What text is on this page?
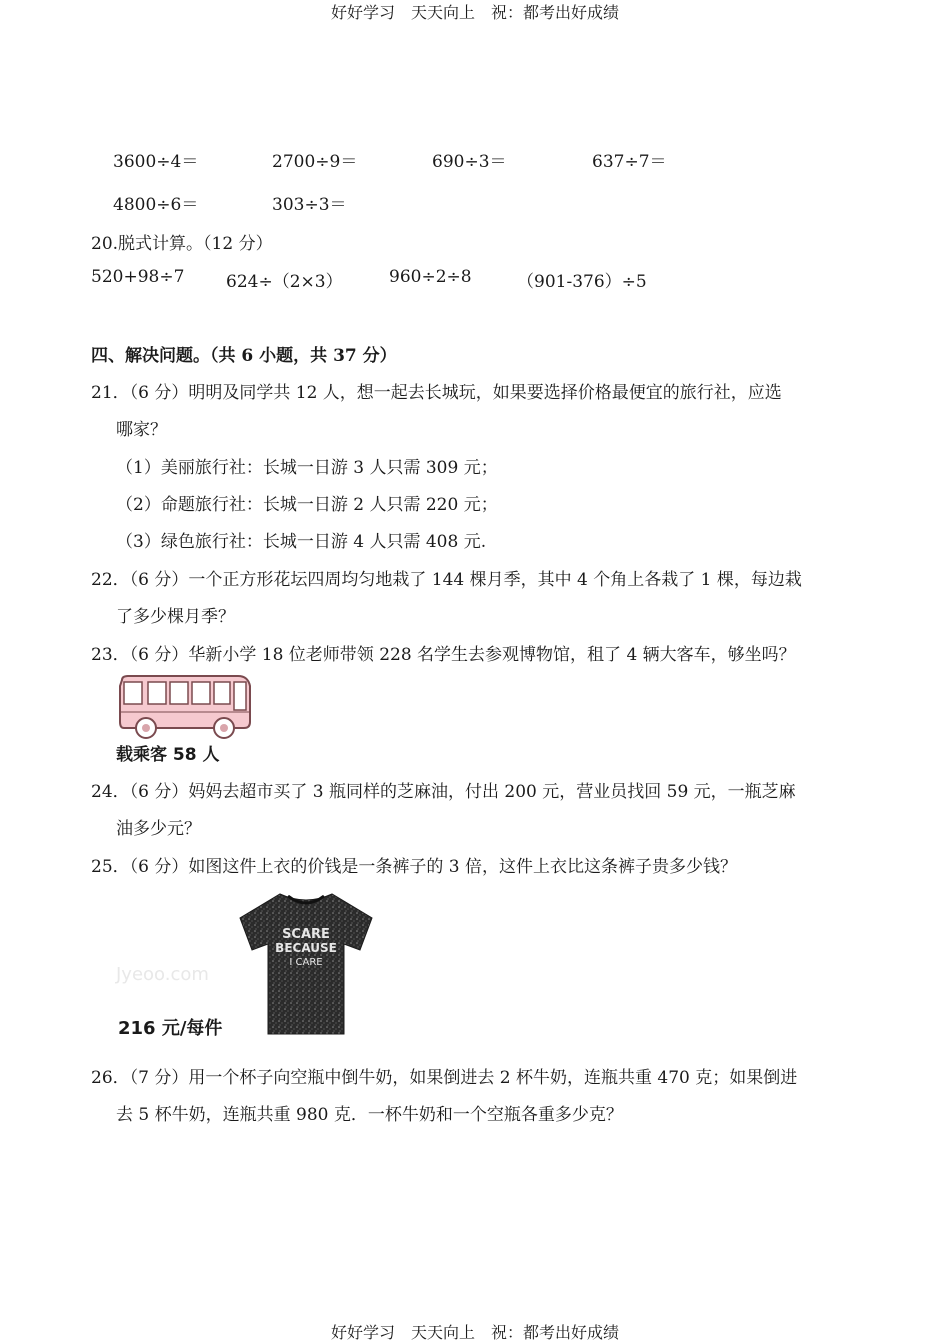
好好学习　天天向上　祝：都考出好成绩
3600÷4＝	2700÷9＝	690÷3＝	637÷7＝
4800÷6＝	303÷3＝
20.脱式计算。（12 分）
520+98÷7 624÷（2×3）	960÷2÷8	（901-376）÷5
四、解决问题。（共 6 小题，共 37 分）
21．（6 分）明明及同学共 12 人，想一起去长城玩，如果要选择价格最便宜的旅行社，应选
哪家？
（1）美丽旅行社：长城一日游 3 人只需 309 元；
（2）命题旅行社：长城一日游 2 人只需 220 元；
（3）绿色旅行社：长城一日游 4 人只需 408 元.
22．（6 分）一个正方形花坛四周均匀地栽了 144 棵月季，其中 4 个角上各栽了 1 棵，每边栽
了多少棵月季？
23．（6 分）华新小学 18 位老师带领 228 名学生去参观博物馆，租了 4 辆大客车，够坐吗？
载乘客 58 人
24．（6 分）妈妈去超市买了 3 瓶同样的芝麻油，付出 200 元，营业员找回 59 元，一瓶芝麻
油多少元？
25．（6 分）如图这件上衣的价钱是一条裤子的 3 倍，这件上衣比这条裤子贵多少钱？
Jyeoo.com
SCARE
BECAUSE
I CARE
216 元/每件
26．（7 分）用一个杯子向空瓶中倒牛奶，如果倒进去 2 杯牛奶，连瓶共重 470 克；如果倒进
去 5 杯牛奶，连瓶共重 980 克．一杯牛奶和一个空瓶各重多少克？
好好学习　天天向上　祝：都考出好成绩
